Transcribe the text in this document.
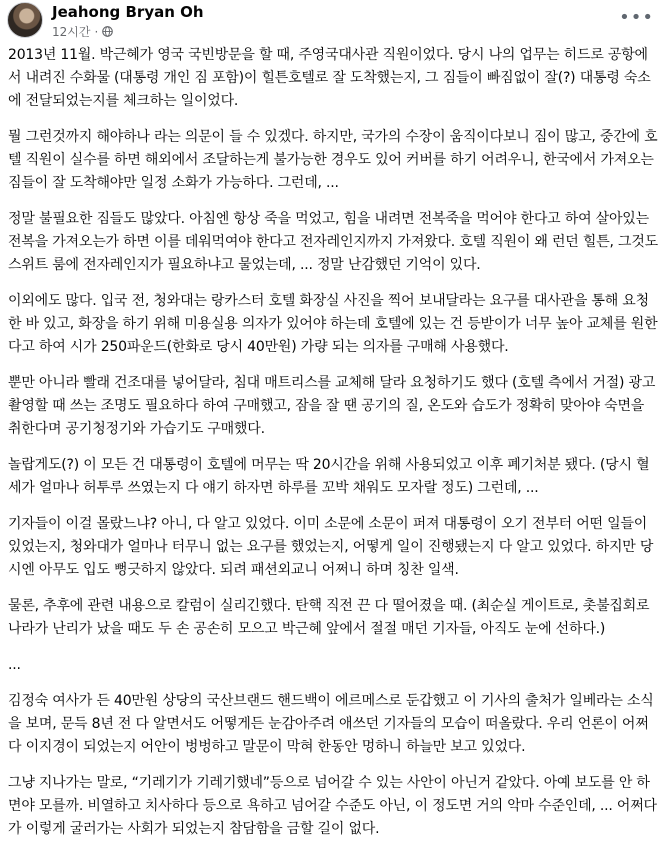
Jeahong Bryan Oh
12시간 ·
•••

2013년 11월. 박근혜가 영국 국빈방문을 할 때, 주영국대사관 직원이었다. 당시 나의 업무는 히드로 공항에서 내려진 수화물 (대통령 개인 짐 포함)이 힐튼호텔로 잘 도착했는지, 그 짐들이 빠짐없이 잘(?) 대통령 숙소에 전달되었는지를 체크하는 일이었다.

뭘 그런것까지 해야하나 라는 의문이 들 수 있겠다. 하지만, 국가의 수장이 움직이다보니 짐이 많고, 중간에 호텔 직원이 실수를 하면 해외에서 조달하는게 불가능한 경우도 있어 커버를 하기 어려우니, 한국에서 가져오는 짐들이 잘 도착해야만 일정 소화가 가능하다. 그런데, ...

정말 불필요한 짐들도 많았다. 아침엔 항상 죽을 먹었고, 힘을 내려면 전복죽을 먹어야 한다고 하여 살아있는 전복을 가져오는가 하면 이를 데워먹여야 한다고 전자레인지까지 가져왔다. 호텔 직원이 왜 런던 힐튼, 그것도 스위트 룸에 전자레인지가 필요하냐고 물었는데, ... 정말 난감했던 기억이 있다.

이외에도 많다. 입국 전, 청와대는 랑카스터 호텔 화장실 사진을 찍어 보내달라는 요구를 대사관을 통해 요청한 바 있고, 화장을 하기 위해 미용실용 의자가 있어야 하는데 호텔에 있는 건 등받이가 너무 높아 교체를 원한다고 하여 시가 250파운드(한화로 당시 40만원) 가량 되는 의자를 구매해 사용했다.

뿐만 아니라 빨래 건조대를 넣어달라, 침대 매트리스를 교체해 달라 요청하기도 했다 (호텔 측에서 거절) 광고 촬영할 때 쓰는 조명도 필요하다 하여 구매했고, 잠을 잘 땐 공기의 질, 온도와 습도가 정확히 맞아야 숙면을 취한다며 공기청정기와 가습기도 구매했다.

놀랍게도(?) 이 모든 건 대통령이 호텔에 머무는 딱 20시간을 위해 사용되었고 이후 폐기처분 됐다. (당시 혈세가 얼마나 허투루 쓰였는지 다 얘기 하자면 하루를 꼬박 채워도 모자랄 정도) 그런데, ...

기자들이 이걸 몰랐느냐? 아니, 다 알고 있었다. 이미 소문에 소문이 퍼져 대통령이 오기 전부터 어떤 일들이 있었는지, 청와대가 얼마나 터무니 없는 요구를 했었는지, 어떻게 일이 진행됐는지 다 알고 있었다. 하지만 당시엔 아무도 입도 뻥긋하지 않았다. 되려 패션외교니 어쩌니 하며 칭찬 일색.

물론, 추후에 관련 내용으로 칼럼이 실리긴했다. 탄핵 직전 끈 다 떨어졌을 때. (최순실 게이트로, 촛불집회로 나라가 난리가 났을 때도 두 손 공손히 모으고 박근혜 앞에서 절절 매던 기자들, 아직도 눈에 선하다.)

...

김정숙 여사가 든 40만원 상당의 국산브랜드 핸드백이 에르메스로 둔갑했고 이 기사의 출처가 일베라는 소식을 보며, 문득 8년 전 다 알면서도 어떻게든 눈감아주려 애쓰던 기자들의 모습이 떠올랐다. 우리 언론이 어쩌다 이지경이 되었는지 어안이 벙벙하고 말문이 막혀 한동안 멍하니 하늘만 보고 있었다.

그냥 지나가는 말로, “기레기가 기레기했네”등으로 넘어갈 수 있는 사안이 아닌거 같았다. 아예 보도를 안 하면야 모를까. 비열하고 치사하다 등으로 욕하고 넘어갈 수준도 아닌, 이 정도면 거의 악마 수준인데, ... 어쩌다가 이렇게 굴러가는 사회가 되었는지 참담함을 금할 길이 없다.
